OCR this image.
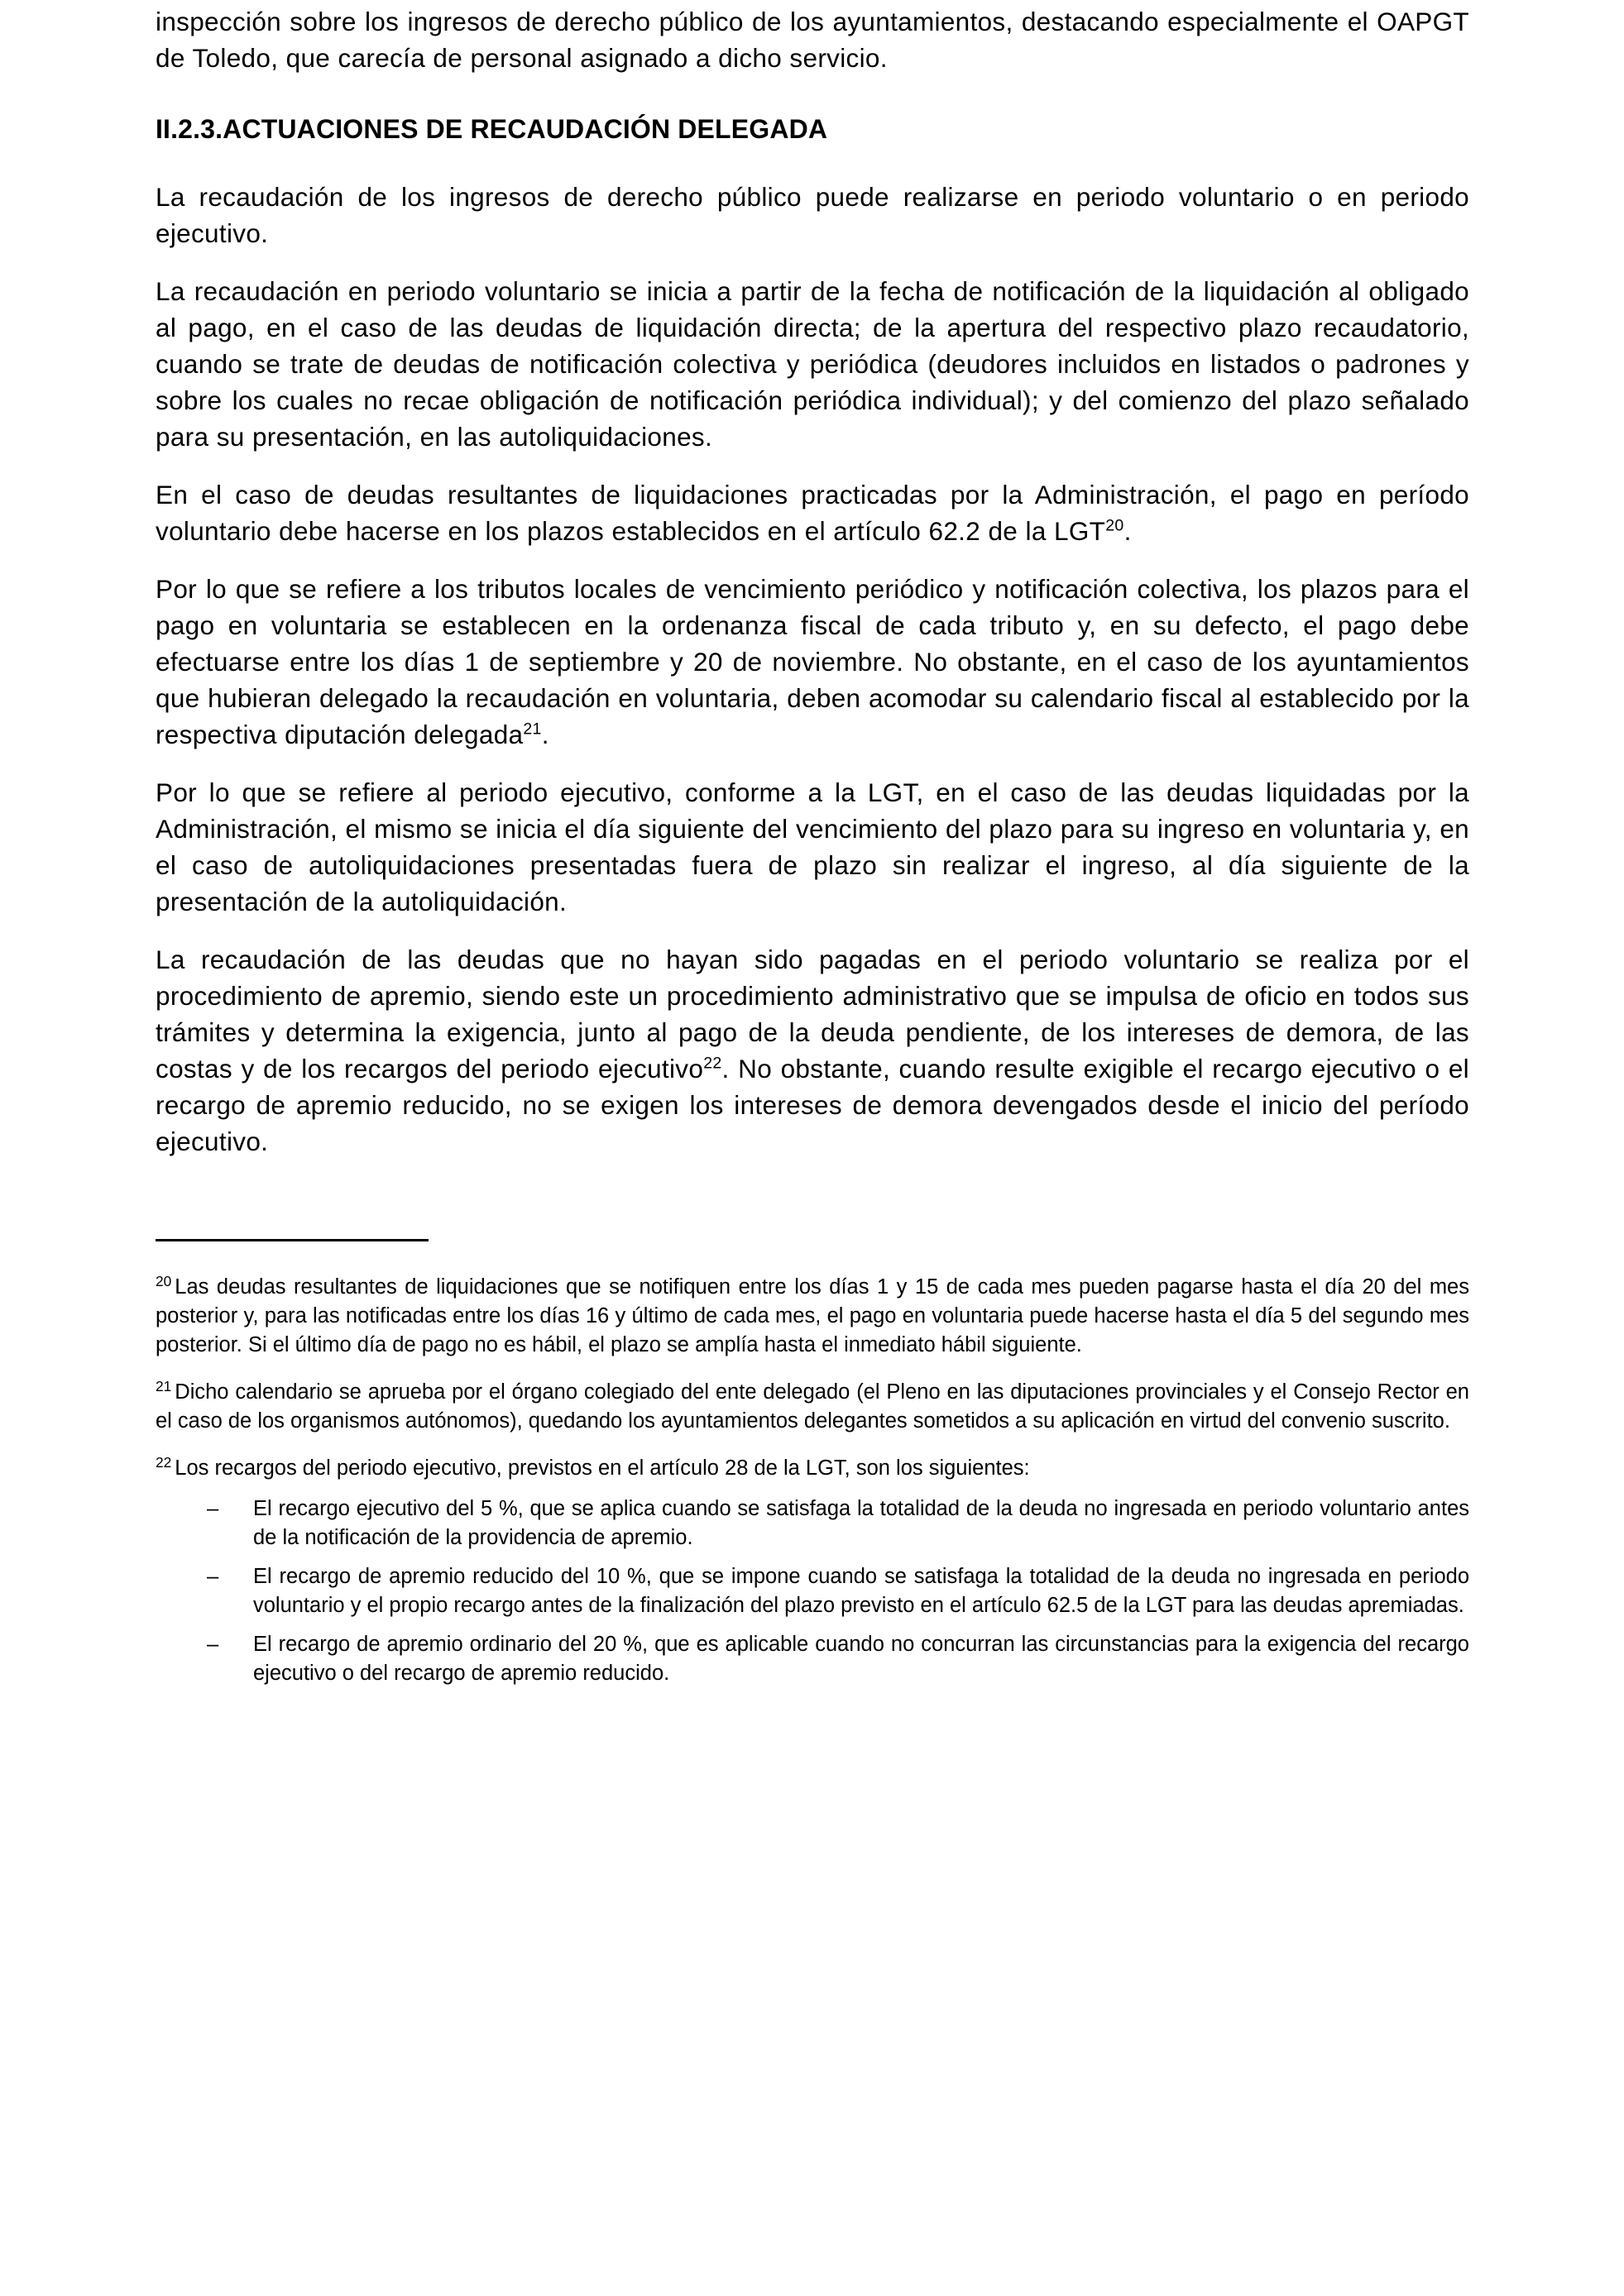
inspección sobre los ingresos de derecho público de los ayuntamientos, destacando especialmente el OAPGT de Toledo, que carecía de personal asignado a dicho servicio.

II.2.3. ACTUACIONES DE RECAUDACIÓN DELEGADA

La recaudación de los ingresos de derecho público puede realizarse en periodo voluntario o en periodo ejecutivo.

La recaudación en periodo voluntario se inicia a partir de la fecha de notificación de la liquidación al obligado al pago, en el caso de las deudas de liquidación directa; de la apertura del respectivo plazo recaudatorio, cuando se trate de deudas de notificación colectiva y periódica (deudores incluidos en listados o padrones y sobre los cuales no recae obligación de notificación periódica individual); y del comienzo del plazo señalado para su presentación, en las autoliquidaciones.

En el caso de deudas resultantes de liquidaciones practicadas por la Administración, el pago en período voluntario debe hacerse en los plazos establecidos en el artículo 62.2 de la LGT$^{20}$.

Por lo que se refiere a los tributos locales de vencimiento periódico y notificación colectiva, los plazos para el pago en voluntaria se establecen en la ordenanza fiscal de cada tributo y, en su defecto, el pago debe efectuarse entre los días 1 de septiembre y 20 de noviembre. No obstante, en el caso de los ayuntamientos que hubieran delegado la recaudación en voluntaria, deben acomodar su calendario fiscal al establecido por la respectiva diputación delegada$^{21}$.

Por lo que se refiere al periodo ejecutivo, conforme a la LGT, en el caso de las deudas liquidadas por la Administración, el mismo se inicia el día siguiente del vencimiento del plazo para su ingreso en voluntaria y, en el caso de autoliquidaciones presentadas fuera de plazo sin realizar el ingreso, al día siguiente de la presentación de la autoliquidación.

La recaudación de las deudas que no hayan sido pagadas en el periodo voluntario se realiza por el procedimiento de apremio, siendo este un procedimiento administrativo que se impulsa de oficio en todos sus trámites y determina la exigencia, junto al pago de la deuda pendiente, de los intereses de demora, de las costas y de los recargos del periodo ejecutivo$^{22}$. No obstante, cuando resulte exigible el recargo ejecutivo o el recargo de apremio reducido, no se exigen los intereses de demora devengados desde el inicio del período ejecutivo.

$^{20}$ Las deudas resultantes de liquidaciones que se notifiquen entre los días 1 y 15 de cada mes pueden pagarse hasta el día 20 del mes posterior y, para las notificadas entre los días 16 y último de cada mes, el pago en voluntaria puede hacerse hasta el día 5 del segundo mes posterior. Si el último día de pago no es hábil, el plazo se amplía hasta el inmediato hábil siguiente.

$^{21}$ Dicho calendario se aprueba por el órgano colegiado del ente delegado (el Pleno en las diputaciones provinciales y el Consejo Rector en el caso de los organismos autónomos), quedando los ayuntamientos delegantes sometidos a su aplicación en virtud del convenio suscrito.

$^{22}$ Los recargos del periodo ejecutivo, previstos en el artículo 28 de la LGT, son los siguientes:

– El recargo ejecutivo del 5 %, que se aplica cuando se satisfaga la totalidad de la deuda no ingresada en periodo voluntario antes de la notificación de la providencia de apremio.
– El recargo de apremio reducido del 10 %, que se impone cuando se satisfaga la totalidad de la deuda no ingresada en periodo voluntario y el propio recargo antes de la finalización del plazo previsto en el artículo 62.5 de la LGT para las deudas apremiadas.
– El recargo de apremio ordinario del 20 %, que es aplicable cuando no concurran las circunstancias para la exigencia del recargo ejecutivo o del recargo de apremio reducido.
